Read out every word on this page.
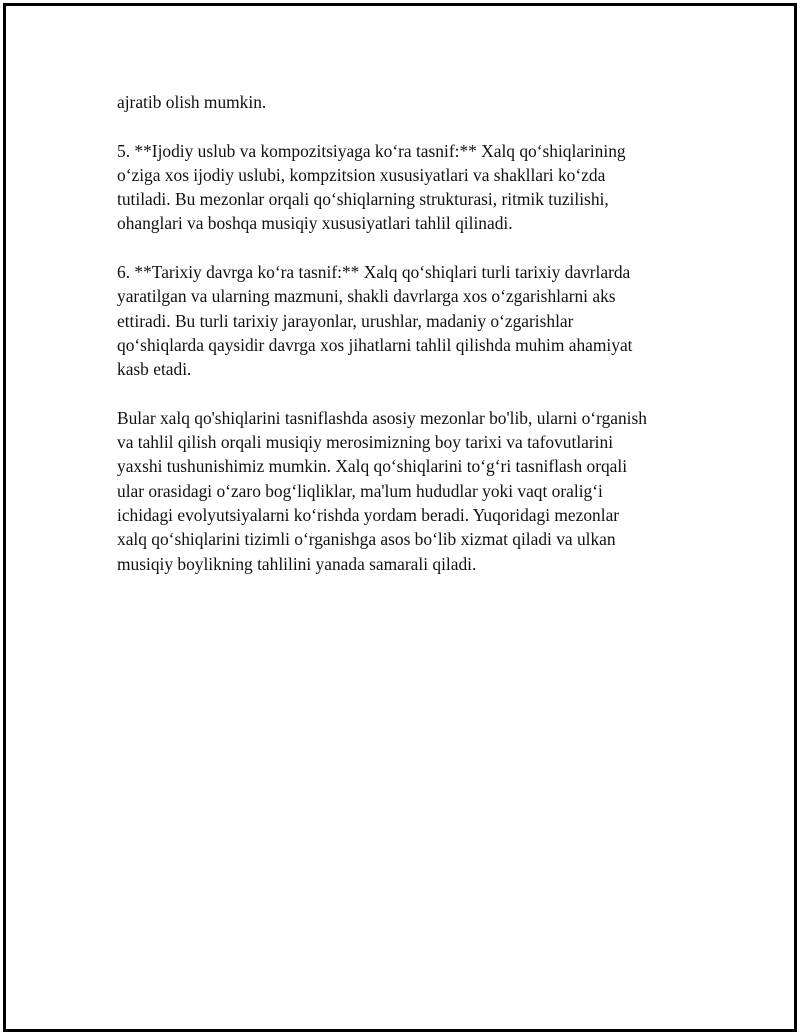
ajratib olish mumkin.
5. **Ijodiy uslub va kompozitsiyaga ko‘ra tasnif:** Xalq qo‘shiqlarining
o‘ziga xos ijodiy uslubi, kompzitsion xususiyatlari va shakllari ko‘zda
tutiladi. Bu mezonlar orqali qo‘shiqlarning strukturasi, ritmik tuzilishi,
ohanglari va boshqa musiqiy xususiyatlari tahlil qilinadi.
6. **Tarixiy davrga ko‘ra tasnif:** Xalq qo‘shiqlari turli tarixiy davrlarda
yaratilgan va ularning mazmuni, shakli davrlarga xos o‘zgarishlarni aks
ettiradi. Bu turli tarixiy jarayonlar, urushlar, madaniy o‘zgarishlar
qo‘shiqlarda qaysidir davrga xos jihatlarni tahlil qilishda muhim ahamiyat
kasb etadi.
Bular xalq qo'shiqlarini tasniflashda asosiy mezonlar bo'lib, ularni o‘rganish
va tahlil qilish orqali musiqiy merosimizning boy tarixi va tafovutlarini
yaxshi tushunishimiz mumkin. Xalq qo‘shiqlarini to‘g‘ri tasniflash orqali
ular orasidagi o‘zaro bog‘liqliklar, ma'lum hududlar yoki vaqt oralig‘i
ichidagi evolyutsiyalarni ko‘rishda yordam beradi. Yuqoridagi mezonlar
xalq qo‘shiqlarini tizimli o‘rganishga asos bo‘lib xizmat qiladi va ulkan
musiqiy boylikning tahlilini yanada samarali qiladi.
